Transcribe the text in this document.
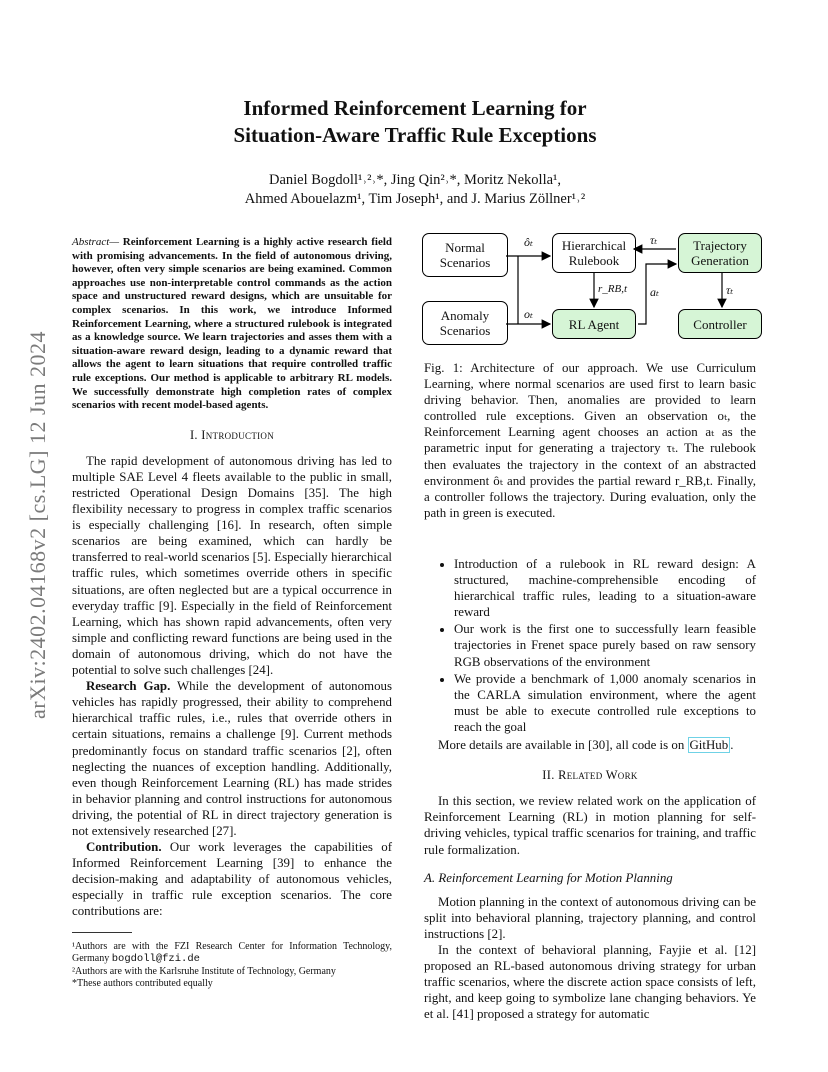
arXiv:2402.04168v2 [cs.LG] 12 Jun 2024
Informed Reinforcement Learning for
Situation-Aware Traffic Rule Exceptions
Daniel Bogdoll¹˒²˒*, Jing Qin²˒*, Moritz Nekolla¹,
Ahmed Abouelazm¹, Tim Joseph¹, and J. Marius Zöllner¹˒²

Abstract— Reinforcement Learning is a highly active research field with promising advancements. In the field of autonomous driving, however, often very simple scenarios are being examined. Common approaches use non-interpretable control commands as the action space and unstructured reward designs, which are unsuitable for complex scenarios. In this work, we introduce Informed Reinforcement Learning, where a structured rulebook is integrated as a knowledge source. We learn trajectories and asses them with a situation-aware reward design, leading to a dynamic reward that allows the agent to learn situations that require controlled traffic rule exceptions. Our method is applicable to arbitrary RL models. We successfully demonstrate high completion rates of complex scenarios with recent model-based agents.

I. Introduction

The rapid development of autonomous driving has led to multiple SAE Level 4 fleets available to the public in small, restricted Operational Design Domains [35]. The high flexibility necessary to progress in complex traffic scenarios is especially challenging [16]. In research, often simple scenarios are being examined, which can hardly be transferred to real-world scenarios [5]. Especially hierarchical traffic rules, which sometimes override others in specific situations, are often neglected but are a typical occurrence in everyday traffic [9]. Especially in the field of Reinforcement Learning, which has shown rapid advancements, often very simple and conflicting reward functions are being used in the domain of autonomous driving, which do not have the potential to solve such challenges [24].

Research Gap. While the development of autonomous vehicles has rapidly progressed, their ability to comprehend hierarchical traffic rules, i.e., rules that override others in certain situations, remains a challenge [9]. Current methods predominantly focus on standard traffic scenarios [2], often neglecting the nuances of exception handling. Additionally, even though Reinforcement Learning (RL) has made strides in behavior planning and control instructions for autonomous driving, the potential of RL in direct trajectory generation is not extensively researched [27].

Contribution. Our work leverages the capabilities of Informed Reinforcement Learning [39] to enhance the decision-making and adaptability of autonomous vehicles, especially in traffic rule exception scenarios. The core contributions are:

¹Authors are with the FZI Research Center for Information Technology, Germany bogdoll@fzi.de
²Authors are with the Karlsruhe Institute of Technology, Germany
*These authors contributed equally
Normal Scenarios
Anomaly Scenarios
Hierarchical Rulebook
RL Agent
Trajectory Generation
Controller
ôₜ
oₜ
τₜ
r_RB,t aₜ	τₜ
Fig. 1: Architecture of our approach. We use Curriculum Learning, where normal scenarios are used first to learn basic driving behavior. Then, anomalies are provided to learn controlled rule exceptions. Given an observation oₜ, the Reinforcement Learning agent chooses an action aₜ as the parametric input for generating a trajectory τₜ. The rulebook then evaluates the trajectory in the context of an abstracted environment ôₜ and provides the partial reward r_RB,t. Finally, a controller follows the trajectory. During evaluation, only the path in green is executed.
• Introduction of a rulebook in RL reward design: A structured, machine-comprehensible encoding of hierarchical traffic rules, leading to a situation-aware reward
• Our work is the first one to successfully learn feasible trajectories in Frenet space purely based on raw sensory RGB observations of the environment
• We provide a benchmark of 1,000 anomaly scenarios in the CARLA simulation environment, where the agent must be able to execute controlled rule exceptions to reach the goal

More details are available in [30], all code is on GitHub .

II. Related Work

In this section, we review related work on the application of Reinforcement Learning (RL) in motion planning for self-driving vehicles, typical traffic scenarios for training, and traffic rule formalization.

A. Reinforcement Learning for Motion Planning

Motion planning in the context of autonomous driving can be split into behavioral planning, trajectory planning, and control instructions [2].

In the context of behavioral planning, Fayjie et al. [12] proposed an RL-based autonomous driving strategy for urban traffic scenarios, where the discrete action space consists of left, right, and keep going to symbolize lane changing behaviors. Ye et al. [41] proposed a strategy for automatic
